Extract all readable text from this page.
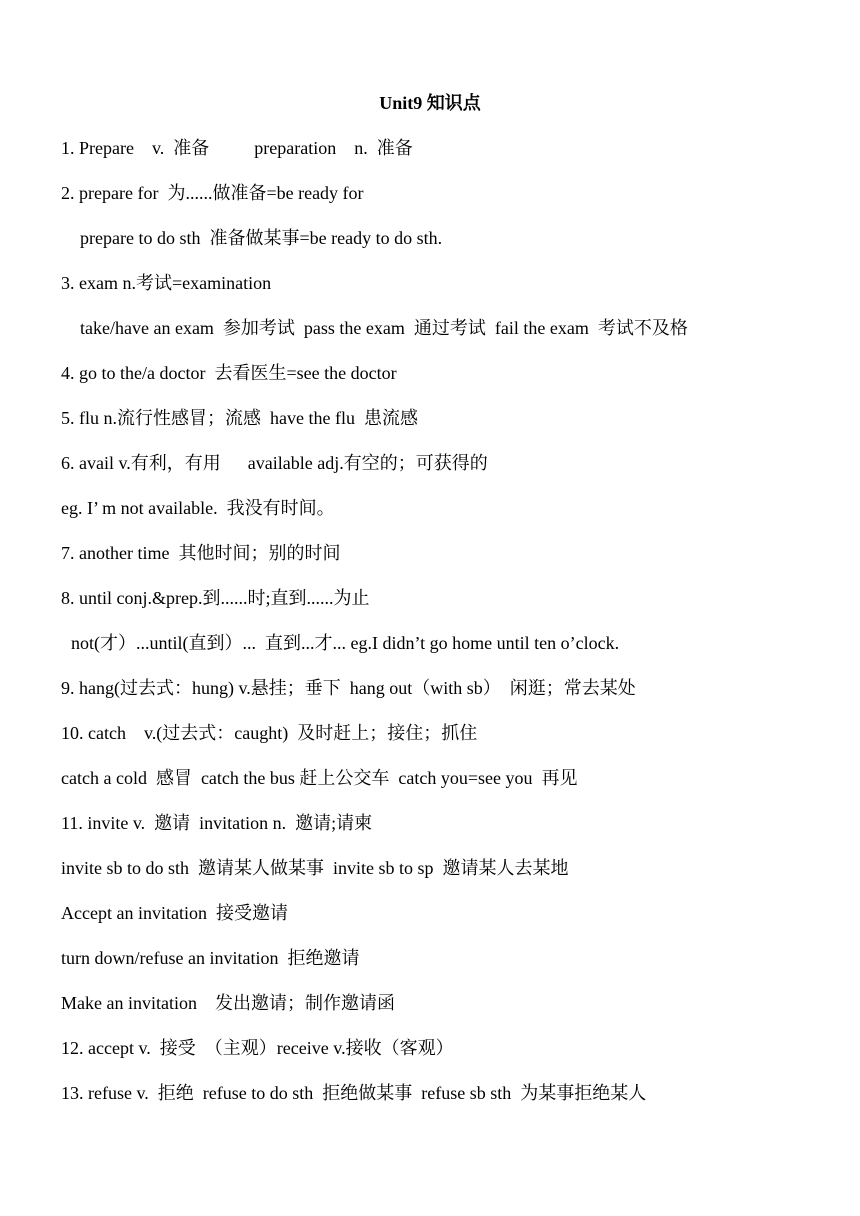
Unit9 知识点
1. Prepare    v.  准备          preparation    n.  准备
2. prepare for  为......做准备=be ready for
prepare to do sth  准备做某事=be ready to do sth.
3. exam n.考试=examination
take/have an exam  参加考试  pass the exam  通过考试  fail the exam  考试不及格
4. go to the/a doctor  去看医生=see the doctor
5. flu n.流行性感冒；流感  have the flu  患流感
6. avail v.有利，有用      available adj.有空的；可获得的
eg. I’ m not available.  我没有时间。
7. another time  其他时间；别的时间
8. until conj.&prep.到......时;直到......为止
not(才）...until(直到）...  直到...才... eg.I didn’t go home until ten o’clock.
9. hang(过去式：hung) v.悬挂；垂下  hang out（with sb）  闲逛；常去某处
10. catch    v.(过去式：caught)  及时赶上；接住；抓住
catch a cold  感冒  catch the bus 赶上公交车  catch you=see you  再见
11. invite v.  邀请  invitation n.  邀请;请柬
invite sb to do sth  邀请某人做某事  invite sb to sp  邀请某人去某地
Accept an invitation  接受邀请
turn down/refuse an invitation  拒绝邀请
Make an invitation    发出邀请；制作邀请函
12. accept v.  接受  （主观）receive v.接收（客观）
13. refuse v.  拒绝  refuse to do sth  拒绝做某事  refuse sb sth  为某事拒绝某人
